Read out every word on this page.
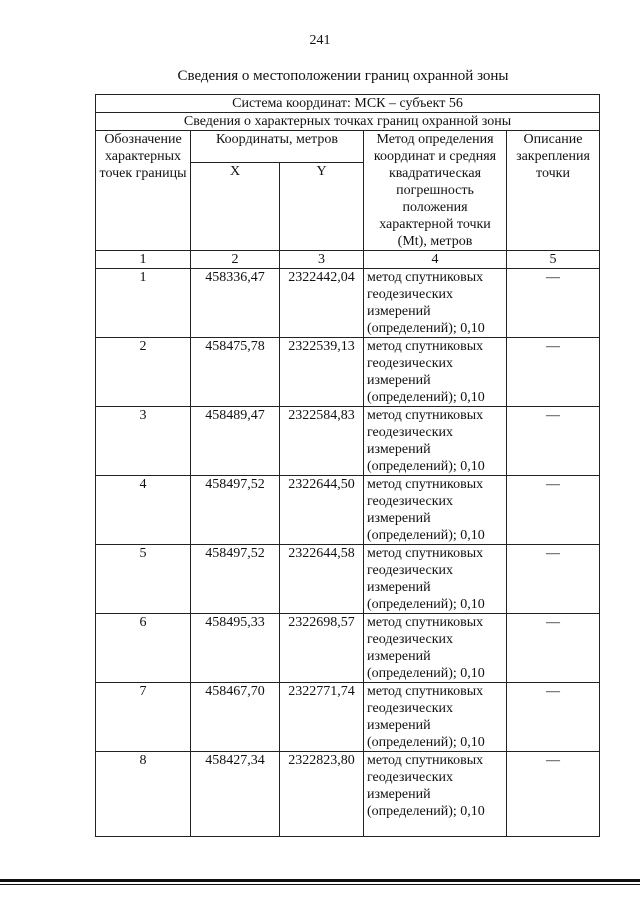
241
Сведения о местоположении границ охранной зоны
Система координат: МСК – субъект 56				
Сведения о характерных точках границ охранной зоны				
Обозначение характерных точек границы	Координаты, метров		Метод определения координат и средняя квадратическая погрешность положения характерной точки (Mt), метров	Описание закрепления точки
	X	Y		
1	2	3	4	5
1	458336,47	2322442,04	метод спутниковых геодезических измерений (определений); 0,10	—
2	458475,78	2322539,13	метод спутниковых геодезических измерений (определений); 0,10	—
3	458489,47	2322584,83	метод спутниковых геодезических измерений (определений); 0,10	—
4	458497,52	2322644,50	метод спутниковых геодезических измерений (определений); 0,10	—
5	458497,52	2322644,58	метод спутниковых геодезических измерений (определений); 0,10	—
6	458495,33	2322698,57	метод спутниковых геодезических измерений (определений); 0,10	—
7	458467,70	2322771,74	метод спутниковых геодезических измерений (определений); 0,10	—
8	458427,34	2322823,80	метод спутниковых геодезических измерений (определений); 0,10	—
